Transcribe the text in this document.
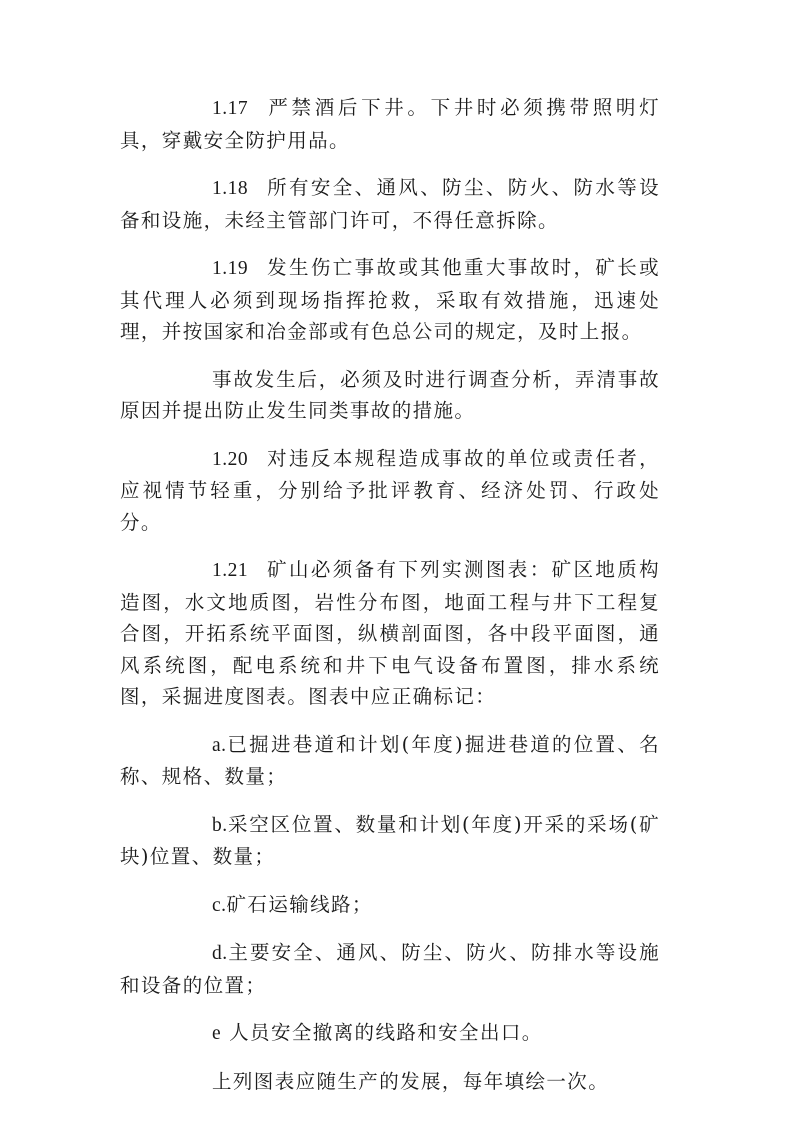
1.17 严禁酒后下井。下井时必须携带照明灯具，穿戴安全防护用品。

1.18 所有安全、通风、防尘、防火、防水等设备和设施，未经主管部门许可，不得任意拆除。

1.19 发生伤亡事故或其他重大事故时，矿长或其代理人必须到现场指挥抢救，采取有效措施，迅速处理，并按国家和冶金部或有色总公司的规定，及时上报。

事故发生后，必须及时进行调查分析，弄清事故原因并提出防止发生同类事故的措施。

1.20 对违反本规程造成事故的单位或责任者，应视情节轻重，分别给予批评教育、经济处罚、行政处分。

1.21 矿山必须备有下列实测图表：矿区地质构造图，水文地质图，岩性分布图，地面工程与井下工程复合图，开拓系统平面图，纵横剖面图，各中段平面图，通风系统图，配电系统和井下电气设备布置图，排水系统图，采掘进度图表。图表中应正确标记：

a.已掘进巷道和计划(年度)掘进巷道的位置、名称、规格、数量；

b.采空区位置、数量和计划(年度)开采的采场(矿块)位置、数量；

c.矿石运输线路；

d.主要安全、通风、防尘、防火、防排水等设施和设备的位置；

e 人员安全撤离的线路和安全出口。

上列图表应随生产的发展，每年填绘一次。
